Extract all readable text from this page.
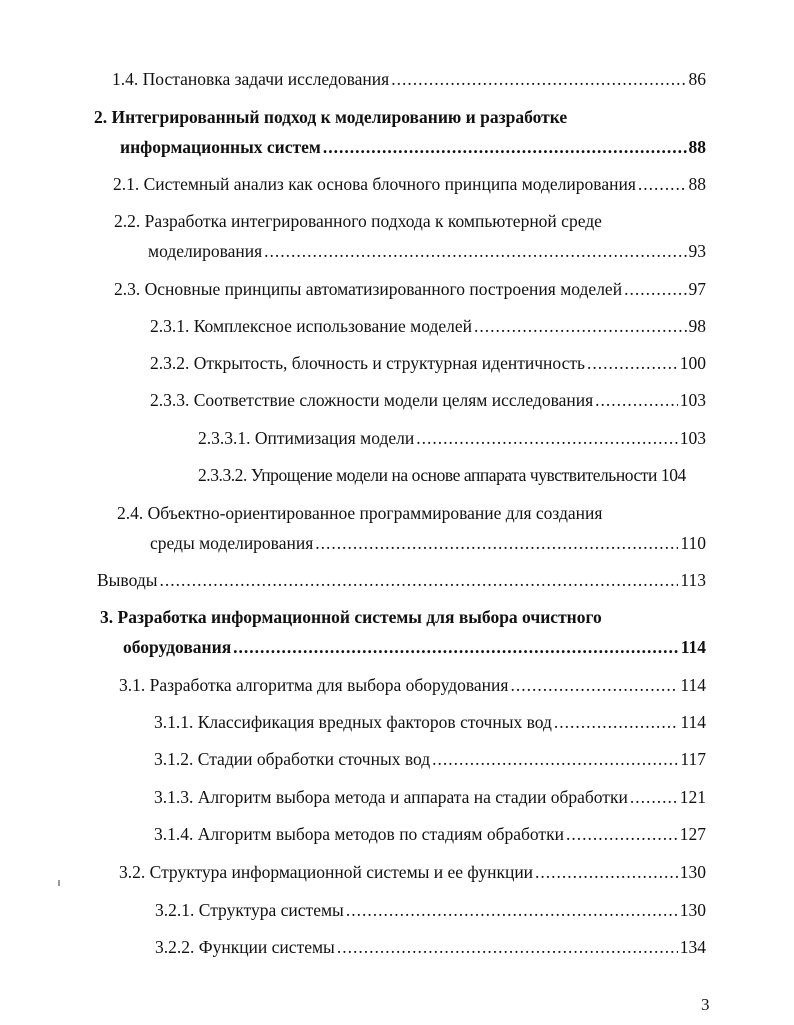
1.4. Постановка задачи исследования .....	86
2. Интегрированный подход к моделированию и разработке
информационных систем .....	88
2.1. Системный анализ как основа блочного принципа моделирования .....	88
2.2. Разработка интегрированного подхода к компьютерной среде
моделирования .....	93
2.3. Основные принципы автоматизированного построения моделей .....	97
2.3.1. Комплексное использование моделей .....	98
2.3.2. Открытость, блочность и структурная идентичность .....	100
2.3.3. Соответствие сложности модели целям исследования .....	103
2.3.3.1. Оптимизация модели .....	103
2.3.3.2. Упрощение модели на основе аппарата чувствительности 104
2.4. Объектно-ориентированное программирование для создания
среды моделирования .....	110
Выводы .....	113
3. Разработка информационной системы для выбора очистного
оборудования .....	114
3.1. Разработка алгоритма для выбора оборудования .....	114
3.1.1. Классификация вредных факторов сточных вод .....	114
3.1.2. Стадии обработки сточных вод .....	117
3.1.3. Алгоритм выбора метода и аппарата на стадии обработки .....	121
3.1.4. Алгоритм выбора методов по стадиям обработки .....	127
3.2. Структура информационной системы и ее функции .....	130
3.2.1. Структура системы .....	130
3.2.2. Функции системы .....	134
3
